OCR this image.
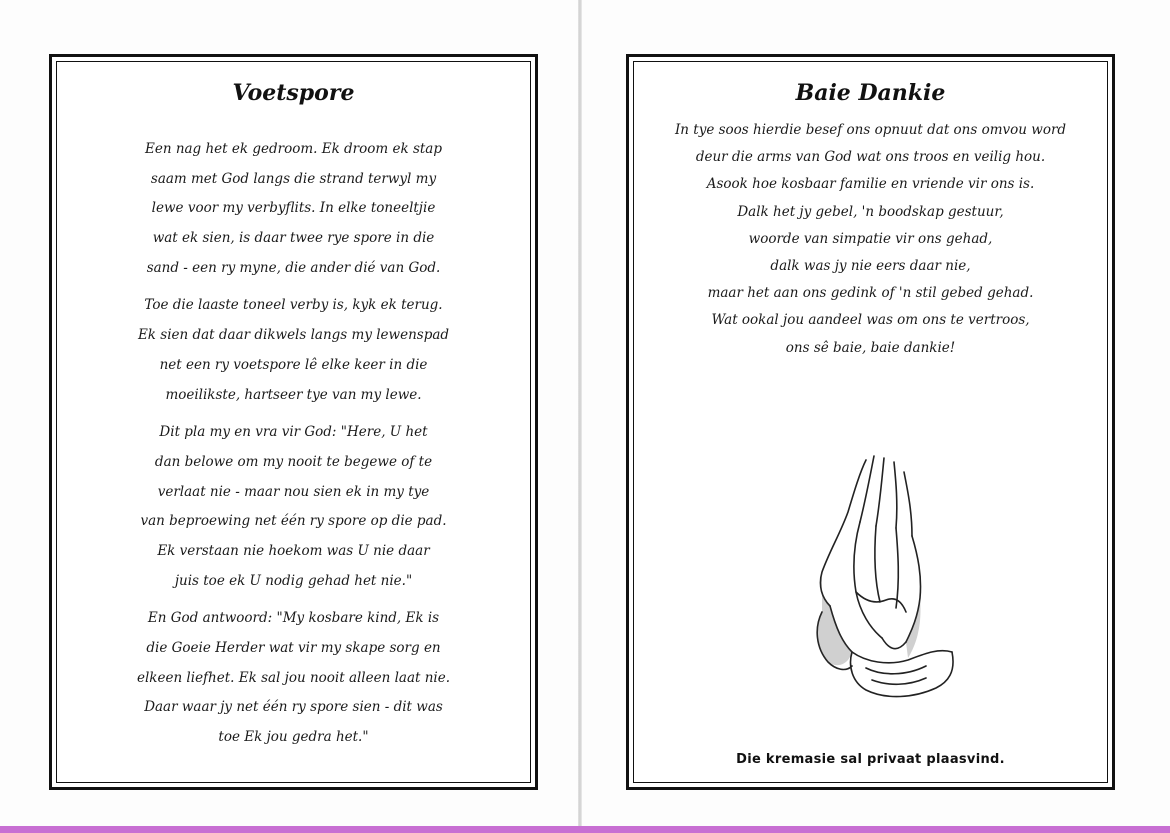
Voetspore
Een nag het ek gedroom. Ek droom ek stap
saam met God langs die strand terwyl my
lewe voor my verbyflits. In elke toneeltjie
wat ek sien, is daar twee rye spore in die
sand - een ry myne, die ander dié van God.
Toe die laaste toneel verby is, kyk ek terug.
Ek sien dat daar dikwels langs my lewenspad
net een ry voetspore lê elke keer in die
moeilikste, hartseer tye van my lewe.
Dit pla my en vra vir God: "Here, U het
dan belowe om my nooit te begewe of te
verlaat nie - maar nou sien ek in my tye
van beproewing net één ry spore op die pad.
Ek verstaan nie hoekom was U nie daar
juis toe ek U nodig gehad het nie."
En God antwoord: "My kosbare kind, Ek is
die Goeie Herder wat vir my skape sorg en
elkeen liefhet. Ek sal jou nooit alleen laat nie.
Daar waar jy net één ry spore sien - dit was
toe Ek jou gedra het."
Baie Dankie
In tye soos hierdie besef ons opnuut dat ons omvou word
deur die arms van God wat ons troos en veilig hou.
Asook hoe kosbaar familie en vriende vir ons is.
Dalk het jy gebel, 'n boodskap gestuur,
woorde van simpatie vir ons gehad,
dalk was jy nie eers daar nie,
maar het aan ons gedink of 'n stil gebed gehad.
Wat ookal jou aandeel was om ons te vertroos,
ons sê baie, baie dankie!
Die kremasie sal privaat plaasvind.
